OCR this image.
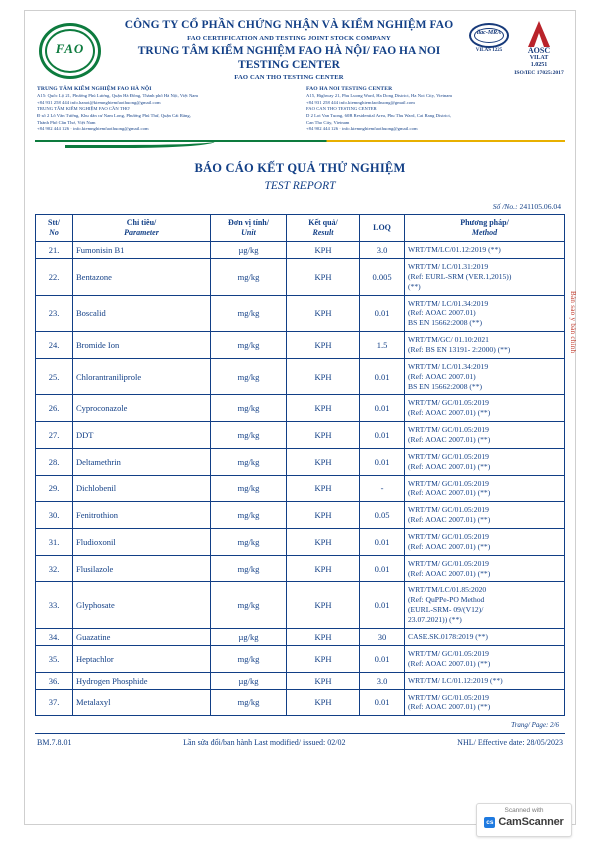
FAO
CÔNG TY CỔ PHẦN CHỨNG NHẬN VÀ KIỂM NGHIỆM FAO
FAO CERTIFICATION AND TESTING JOINT STOCK COMPANY
TRUNG TÂM KIỂM NGHIỆM FAO HÀ NỘI/ FAO HA NOI TESTING CENTER
FAO CAN THO TESTING CENTER
ilac-MRA
VILAS 1225	AOSC
VILAT
1.0251
ISO/IEC 17025:2017
TRUNG TÂM KIỂM NGHIỆM FAO HÀ NỘI
A15: Quốc Lộ 21, Phường Phú Lương, Quận Hà Đông, Thành phố Hà Nội, Việt Nam
+84 931 258 444 info.hanoi@kiemnghiemfaothuong@gmail.com
TRUNG TÂM KIỂM NGHIỆM FAO CẦN THƠ
Đ số 2 Lô Vân Tường, Khu dân cư Nam Long, Phường Phú Thứ, Quận Cái Răng,
Thành Phố Cần Thơ, Việt Nam
+84 902 444 126 · info.kiemnghiemfaothuong@gmail.com
FAO HA NOI TESTING CENTER
A15, Highway 21, Phu Luong Ward, Ha Dong District, Ha Noi City, Vietnam
+84 931 258 444 info.kiemnghiemfaothuong@gmail.com
FAO CAN THO TESTING CENTER
D 2 Lot Van Tuong, 60B Residential Area, Phu Thu Ward, Cai Rang District,
Can Tho City, Vietnam
+84 902 444 126 · info.kiemnghiemfaothuong@gmail.com
BÁO CÁO KẾT QUẢ THỬ NGHIỆM
TEST REPORT
Số /No.: 241105.06.04
Stt/
No	Chỉ tiêu/
Parameter	Đơn vị tính/
Unit	Kết quả/
Result	LOQ	Phương pháp/
Method

21.	Fumonisin B1	µg/kg	KPH	3.0	WRT/TM/LC/01.12:2019 (**)

22.	Bentazone	mg/kg	KPH	0.005	WRT/TM/ LC/01.31:2019
(Ref: EURL-SRM (VER.1,2015))
(**)

23.	Boscalid	mg/kg	KPH	0.01	WRT/TM/ LC/01.34:2019
(Ref: AOAC 2007.01)
BS EN 15662:2008 (**)

24.	Bromide Ion	mg/kg	KPH	1.5	WRT/TM/GC/ 01.10:2021
(Ref: BS EN 13191- 2:2000) (**)

25.	Chlorantraniliprole	mg/kg	KPH	0.01	WRT/TM/ LC/01.34:2019
(Ref: AOAC 2007.01)
BS EN 15662:2008 (**)

26.	Cyproconazole	mg/kg	KPH	0.01	WRT/TM/ GC/01.05:2019
(Ref: AOAC 2007.01) (**)

27.	DDT	mg/kg	KPH	0.01	WRT/TM/ GC/01.05:2019
(Ref: AOAC 2007.01) (**)

28.	Deltamethrin	mg/kg	KPH	0.01	WRT/TM/ GC/01.05:2019
(Ref: AOAC 2007.01) (**)

29.	Dichlobenil	mg/kg	KPH	-	WRT/TM/ GC/01.05:2019
(Ref: AOAC 2007.01) (**)

30.	Fenitrothion	mg/kg	KPH	0.05	WRT/TM/ GC/01.05:2019
(Ref: AOAC 2007.01) (**)

31.	Fludioxonil	mg/kg	KPH	0.01	WRT/TM/ GC/01.05:2019
(Ref: AOAC 2007.01) (**)

32.	Flusilazole	mg/kg	KPH	0.01	WRT/TM/ GC/01.05:2019
(Ref: AOAC 2007.01) (**)

33.	Glyphosate	mg/kg	KPH	0.01	WRT/TM/LC/01.85:2020
(Ref: QuPPe-PO Method
(EURL-SRM- 09/(V12)/
23.07.2021)) (**)

34.	Guazatine	µg/kg	KPH	30	CASE.SK.0178:2019 (**)

35.	Heptachlor	mg/kg	KPH	0.01	WRT/TM/ GC/01.05:2019
(Ref: AOAC 2007.01) (**)

36.	Hydrogen Phosphide	µg/kg	KPH	3.0	WRT/TM/ LC/01.12:2019 (**)

37.	Metalaxyl	mg/kg	KPH	0.01	WRT/TM/ GC/01.05:2019
(Ref: AOAC 2007.01) (**)
Trang/ Page: 2/6
BM.7.8.01	Lần sửa đổi/ban hành Last modified/ issued: 02/02	NHL/ Effective date: 28/05/2023
Bản sao y bản chính
Scanned with
cs CamScanner
